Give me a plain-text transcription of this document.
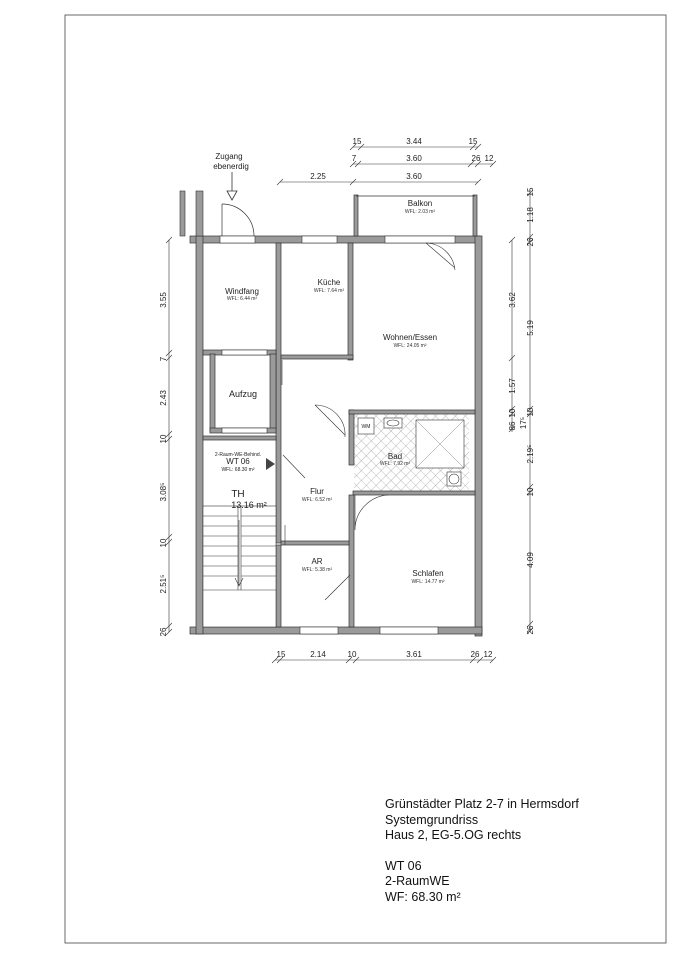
WM
Windfang
WFL: 6.44 m²
Küche
WFL: 7.64 m²
Wohnen/Essen
WFL: 24.05 m²
Balkon
WFL: 2.03 m²
Aufzug
Bad
WFL: 7.92 m²
Flur
WFL: 6.52 m²
AR
WFL: 5.38 m²	Schlafen
WFL: 14.77 m²
TH
13.16 m²
2-Raum-WE-Behind.
WT 06
WFL: 68.30 m²
Zugang
ebenerdig
15	3.44	15
7	3.60	26 12
2.25	3.60
15	2.14	10	3.61	26 12
3.55
7
2.43
10
3.08⁵
10
2.51⁵
26
15
1.18
26
5.19
10
2.19⁵
10
4.09
26
3.62
1.57
10
86 17⁵
Grünstädter Platz 2-7 in Hermsdorf
Systemgrundriss
Haus 2, EG-5.OG rechts
WT 06
2-RaumWE
WF: 68.30 m²
